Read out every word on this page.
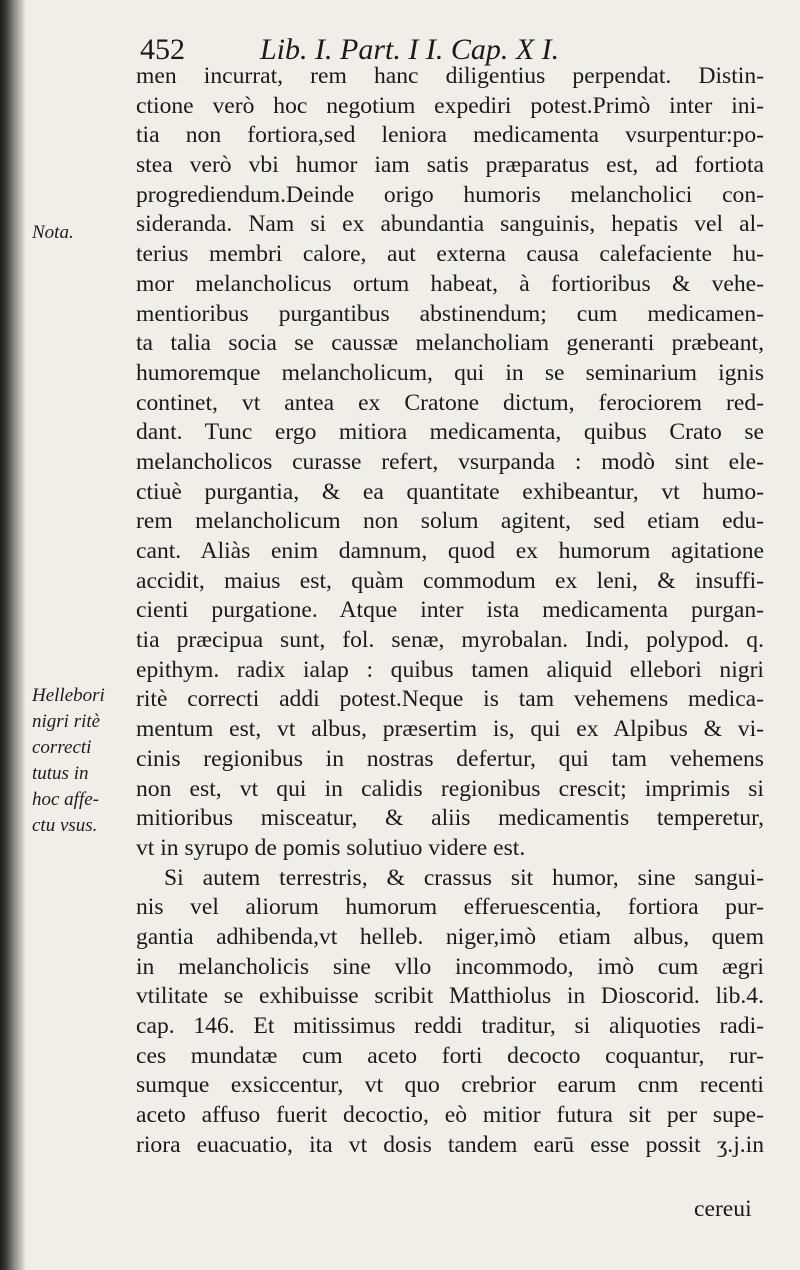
452	Lib. I. Part. I I. Cap. X I.
Nota.
Hellebori
nigri ritè
correcti
tutus in
hoc affe-
ctu vsus.
men incurrat, rem hanc diligentius perpendat. Distin-
ctione verò hoc negotium expediri potest.Primò inter ini-
tia non fortiora,sed leniora medicamenta vsurpentur:po-
stea verò vbi humor iam satis præparatus est, ad fortiota
progrediendum.Deinde origo humoris melancholici con-
sideranda. Nam si ex abundantia sanguinis, hepatis vel al-
terius membri calore, aut externa causa calefaciente hu-
mor melancholicus ortum habeat, à fortioribus & vehe-
mentioribus purgantibus abstinendum; cum medicamen-
ta talia socia se caussæ melancholiam generanti præbeant,
humoremque melancholicum, qui in se seminarium ignis
continet, vt antea ex Cratone dictum, ferociorem red-
dant. Tunc ergo mitiora medicamenta, quibus Crato se
melancholicos curasse refert, vsurpanda : modò sint ele-
ctiuè purgantia, & ea quantitate exhibeantur, vt humo-
rem melancholicum non solum agitent, sed etiam edu-
cant. Aliàs enim damnum, quod ex humorum agitatione
accidit, maius est, quàm commodum ex leni, & insuffi-
cienti purgatione. Atque inter ista medicamenta purgan-
tia præcipua sunt, fol. senæ, myrobalan. Indi, polypod. q.
epithym. radix ialap : quibus tamen aliquid ellebori nigri
ritè correcti addi potest.Neque is tam vehemens medica-
mentum est, vt albus, præsertim is, qui ex Alpibus & vi-
cinis regionibus in nostras defertur, qui tam vehemens
non est, vt qui in calidis regionibus crescit; imprimis si
mitioribus misceatur, & aliis medicamentis temperetur,
vt in syrupo de pomis solutiuo videre est.
Si autem terrestris, & crassus sit humor, sine sangui-
nis vel aliorum humorum efferuescentia, fortiora pur-
gantia adhibenda,vt helleb. niger,imò etiam albus, quem
in melancholicis sine vllo incommodo, imò cum ægri
vtilitate se exhibuisse scribit Matthiolus in Dioscorid. lib.4.
cap. 146. Et mitissimus reddi traditur, si aliquoties radi-
ces mundatæ cum aceto forti decocto coquantur, rur-
sumque exsiccentur, vt quo crebrior earum cnm recenti
aceto affuso fuerit decoctio, eò mitior futura sit per supe-
riora euacuatio, ita vt dosis tandem earū esse possit ʒ.j.in
cereui
